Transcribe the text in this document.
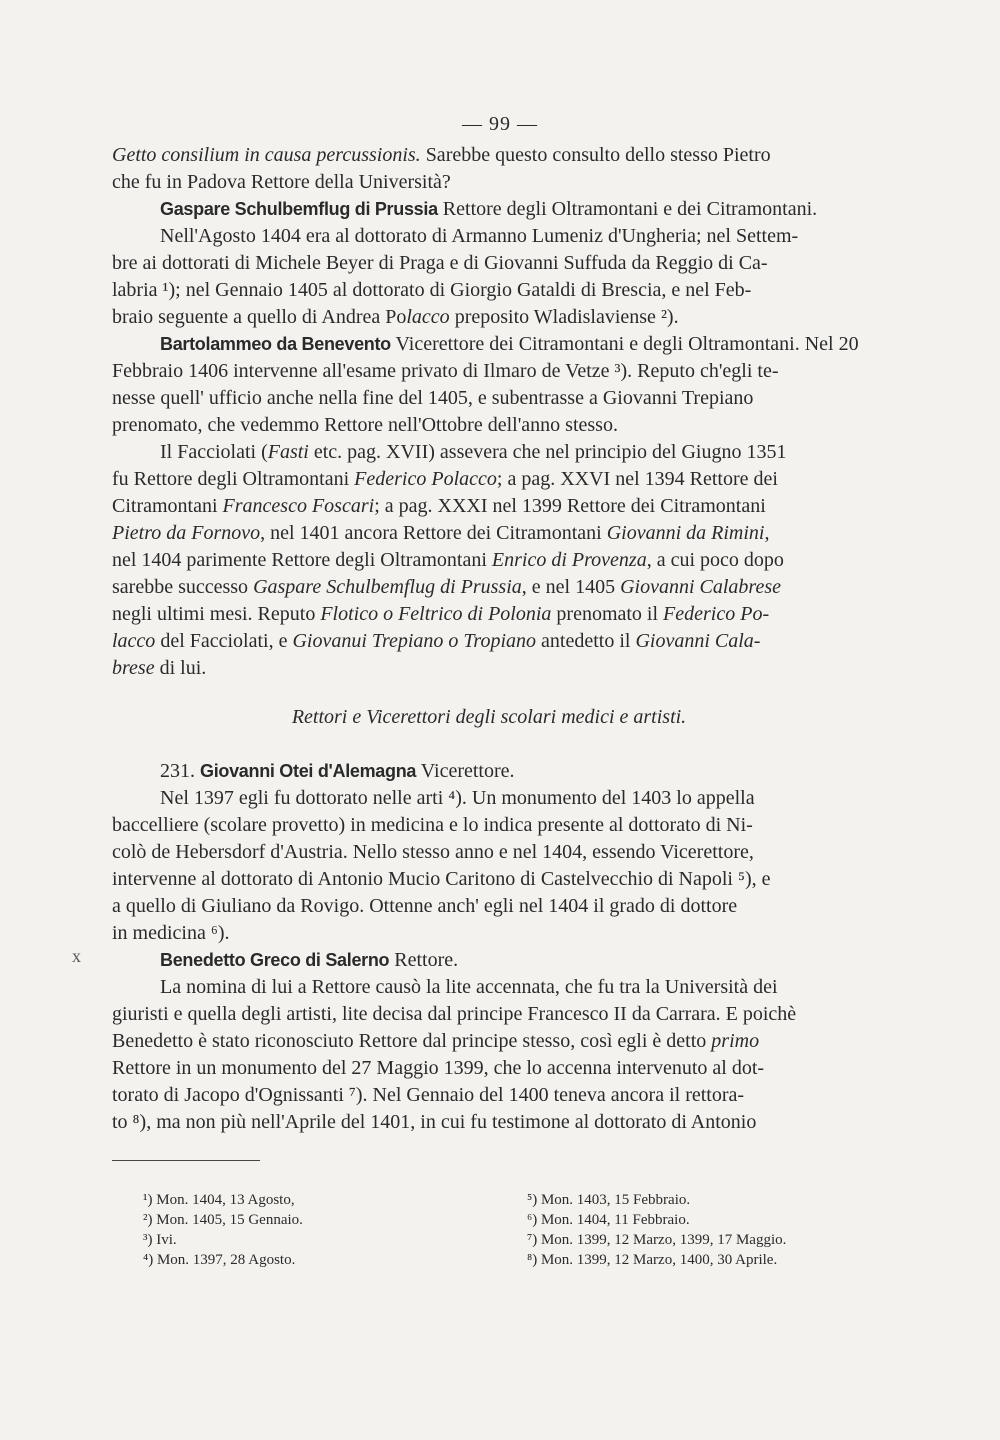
— 99 —
x
Getto consilium in causa percussionis. Sarebbe questo consulto dello stesso Pietro
che fu in Padova Rettore della Università?
Gaspare Schulbemflug di Prussia Rettore degli Oltramontani e dei Citramontani.
Nell'Agosto 1404 era al dottorato di Armanno Lumeniz d'Ungheria; nel Settem-
bre ai dottorati di Michele Beyer di Praga e di Giovanni Suffuda da Reggio di Ca-
labria ¹); nel Gennaio 1405 al dottorato di Giorgio Gataldi di Brescia, e nel Feb-
braio seguente a quello di Andrea Polacco preposito Wladislaviense ²).
Bartolammeo da Benevento Vicerettore dei Citramontani e degli Oltramontani. Nel 20
Febbraio 1406 intervenne all'esame privato di Ilmaro de Vetze ³). Reputo ch'egli te-
nesse quell' ufficio anche nella fine del 1405, e subentrasse a Giovanni Trepiano
prenomato, che vedemmo Rettore nell'Ottobre dell'anno stesso.
Il Facciolati (Fasti etc. pag. XVII) assevera che nel principio del Giugno 1351
fu Rettore degli Oltramontani Federico Polacco; a pag. XXVI nel 1394 Rettore dei
Citramontani Francesco Foscari; a pag. XXXI nel 1399 Rettore dei Citramontani
Pietro da Fornovo, nel 1401 ancora Rettore dei Citramontani Giovanni da Rimini,
nel 1404 parimente Rettore degli Oltramontani Enrico di Provenza, a cui poco dopo
sarebbe successo Gaspare Schulbemflug di Prussia, e nel 1405 Giovanni Calabrese
negli ultimi mesi. Reputo Flotico o Feltrico di Polonia prenomato il Federico Po-
lacco del Facciolati, e Giovanui Trepiano o Tropiano antedetto il Giovanni Cala-
brese di lui.
Rettori e Vicerettori degli scolari medici e artisti.
231. Giovanni Otei d'Alemagna Vicerettore.
Nel 1397 egli fu dottorato nelle arti ⁴). Un monumento del 1403 lo appella
baccelliere (scolare provetto) in medicina e lo indica presente al dottorato di Ni-
colò de Hebersdorf d'Austria. Nello stesso anno e nel 1404, essendo Vicerettore,
intervenne al dottorato di Antonio Mucio Caritono di Castelvecchio di Napoli ⁵), e
a quello di Giuliano da Rovigo. Ottenne anch' egli nel 1404 il grado di dottore
in medicina ⁶).
Benedetto Greco di Salerno Rettore.
La nomina di lui a Rettore causò la lite accennata, che fu tra la Università dei
giuristi e quella degli artisti, lite decisa dal principe Francesco II da Carrara. E poichè
Benedetto è stato riconosciuto Rettore dal principe stesso, così egli è detto primo
Rettore in un monumento del 27 Maggio 1399, che lo accenna intervenuto al dot-
torato di Jacopo d'Ognissanti ⁷). Nel Gennaio del 1400 teneva ancora il rettora-
to ⁸), ma non più nell'Aprile del 1401, in cui fu testimone al dottorato di Antonio
¹) Mon. 1404, 13 Agosto,
²) Mon. 1405, 15 Gennaio.
³) Ivi.
⁴) Mon. 1397, 28 Agosto.
⁵) Mon. 1403, 15 Febbraio.
⁶) Mon. 1404, 11 Febbraio.
⁷) Mon. 1399, 12 Marzo, 1399, 17 Maggio.
⁸) Mon. 1399, 12 Marzo, 1400, 30 Aprile.
